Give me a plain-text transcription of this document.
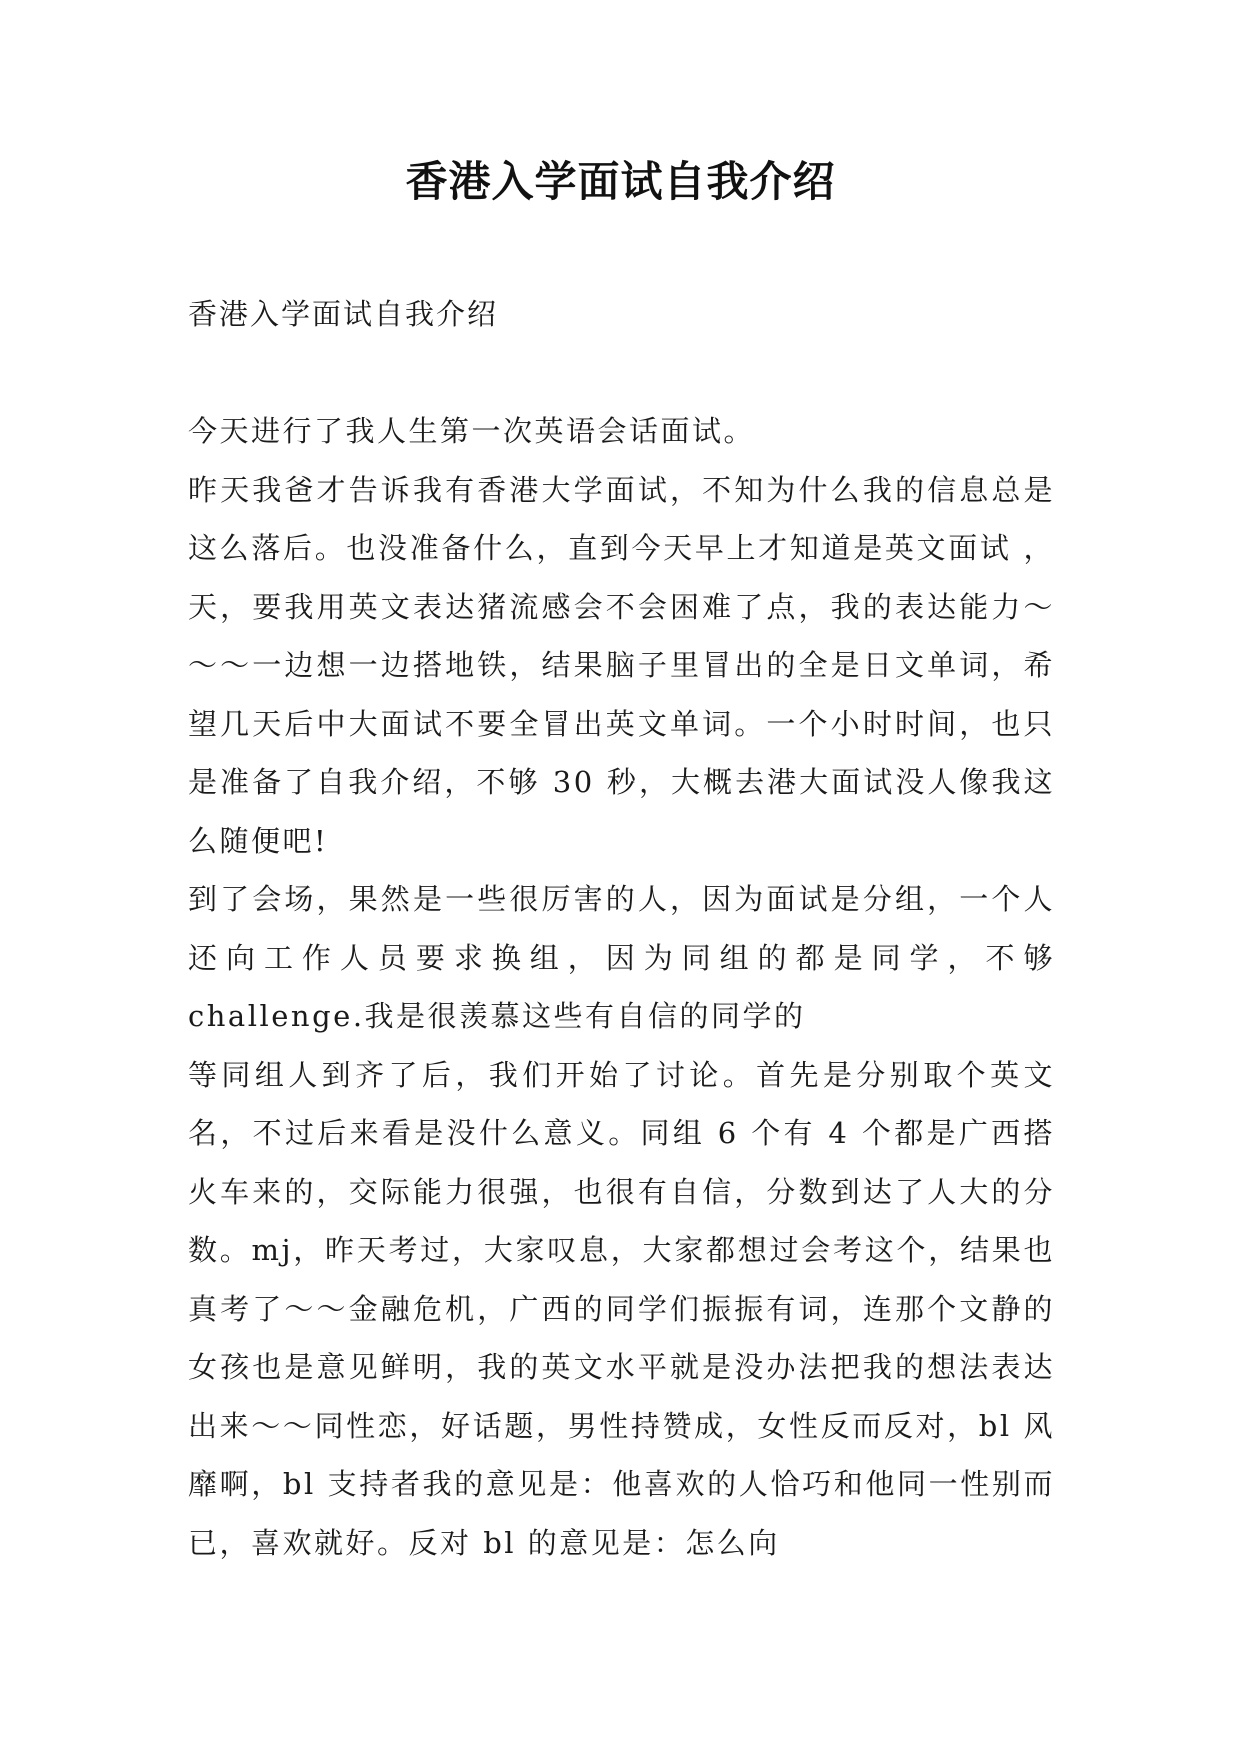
香港入学面试自我介绍
香港入学面试自我介绍

今天进行了我人生第一次英语会话面试。

昨天我爸才告诉我有香港大学面试，不知为什么我的信息总是这么落后。也没准备什么，直到今天早上才知道是英文面试 ，天，要我用英文表达猪流感会不会困难了点，我的表达能力～～～一边想一边搭地铁，结果脑子里冒出的全是日文单词，希望几天后中大面试不要全冒出英文单词。一个小时时间，也只是准备了自我介绍，不够 30 秒，大概去港大面试没人像我这么随便吧!

到了会场，果然是一些很厉害的人，因为面试是分组，一个人还向工作人员要求换组，因为同组的都是同学，不够 challenge.我是很羡慕这些有自信的同学的

等同组人到齐了后，我们开始了讨论。首先是分别取个英文名，不过后来看是没什么意义。同组 6 个有 4 个都是广西搭火车来的，交际能力很强，也很有自信，分数到达了人大的分数。mj，昨天考过，大家叹息，大家都想过会考这个，结果也真考了～～金融危机，广西的同学们振振有词，连那个文静的女孩也是意见鲜明，我的英文水平就是没办法把我的想法表达出来～～同性恋，好话题，男性持赞成，女性反而反对，bl 风靡啊，bl 支持者我的意见是：他喜欢的人恰巧和他同一性别而已，喜欢就好。反对 bl 的意见是：怎么向
